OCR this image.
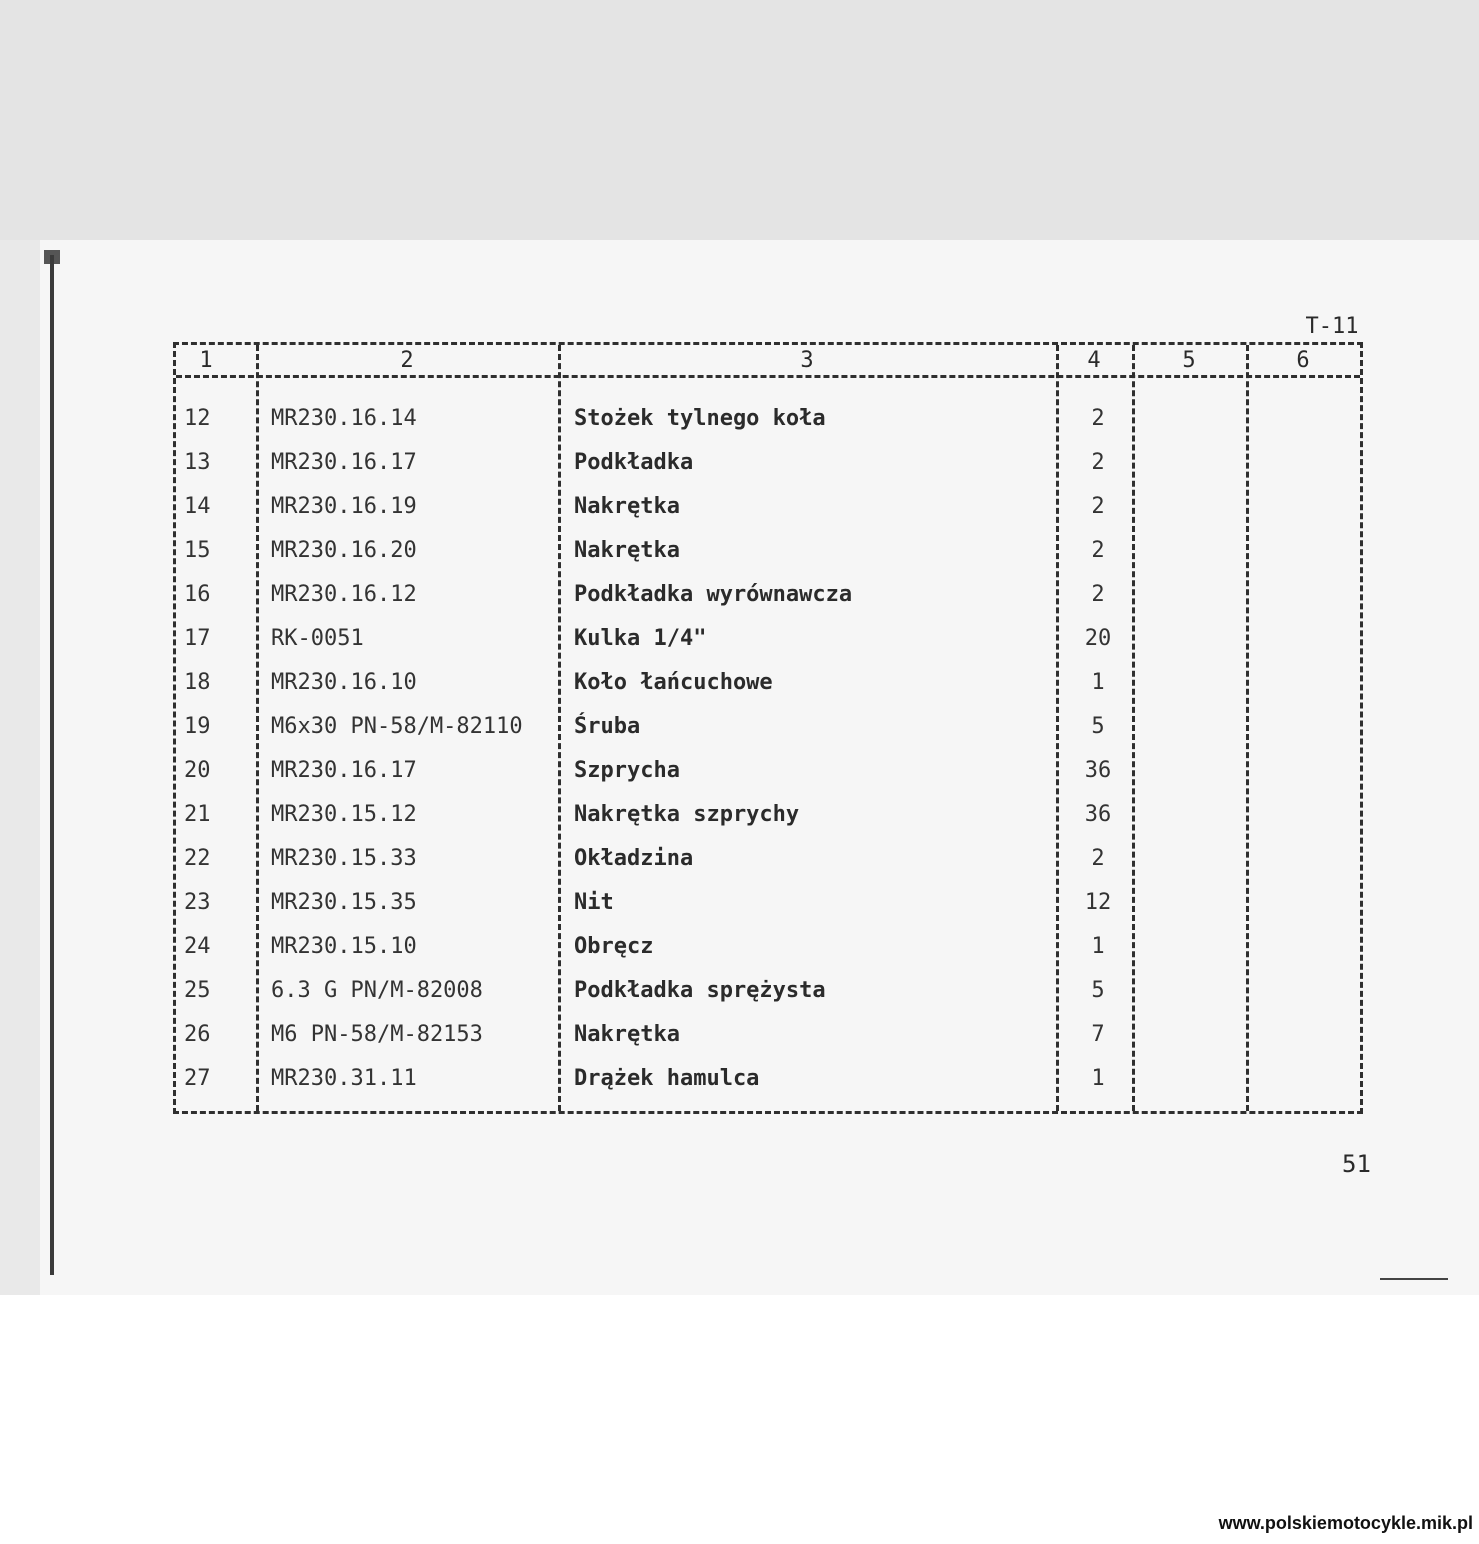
T-11
1	2	3	4	5	6
12	MR230.16.14	Stożek tylnego koła	2
13	MR230.16.17	Podkładka	2
14	MR230.16.19	Nakrętka	2
15	MR230.16.20	Nakrętka	2
16	MR230.16.12	Podkładka wyrównawcza	2
17	RK-0051	Kulka 1/4"	20
18	MR230.16.10	Koło łańcuchowe	1
19	M6x30 PN-58/M-82110	Śruba	5
20	MR230.16.17	Szprycha	36
21	MR230.15.12	Nakrętka szprychy	36
22	MR230.15.33	Okładzina	2
23	MR230.15.35	Nit	12
24	MR230.15.10	Obręcz	1
25	6.3 G PN/M-82008	Podkładka sprężysta	5
26	M6 PN-58/M-82153	Nakrętka	7
27	MR230.31.11	Drążek hamulca	1
51
www.polskiemotocykle.mik.pl
